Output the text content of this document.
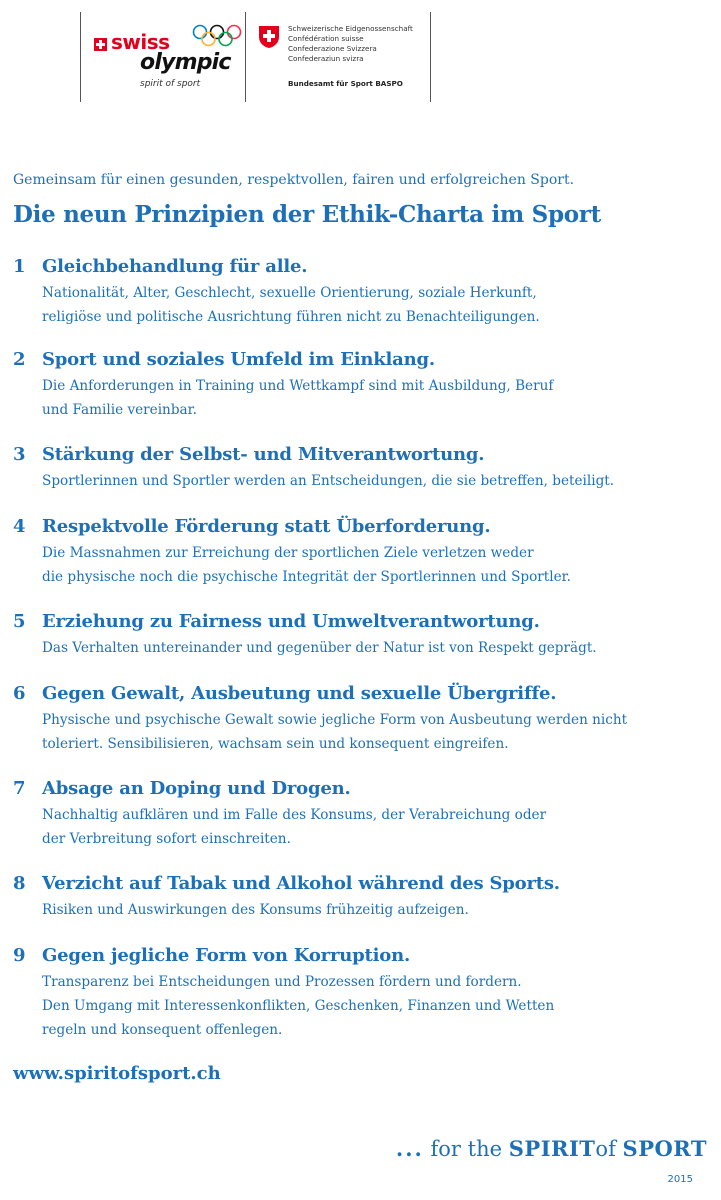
swiss
olympic
spirit of sport
Schweizerische Eidgenossenschaft
Confédération suisse
Confederazione Svizzera
Confederaziun svizra
Bundesamt für Sport BASPO
Gemeinsam für einen gesunden, respektvollen, fairen und erfolgreichen Sport.
Die neun Prinzipien der Ethik-Charta im Sport
1 Gleichbehandlung für alle.
Nationalität, Alter, Geschlecht, sexuelle Orientierung, soziale Herkunft,
religiöse und politische Ausrichtung führen nicht zu Benachteiligungen.
2 Sport und soziales Umfeld im Einklang.
Die Anforderungen in Training und Wettkampf sind mit Ausbildung, Beruf
und Familie vereinbar.
3 Stärkung der Selbst- und Mitverantwortung.
Sportlerinnen und Sportler werden an Entscheidungen, die sie betreffen, beteiligt.
4 Respektvolle Förderung statt Überforderung.
Die Massnahmen zur Erreichung der sportlichen Ziele verletzen weder
die physische noch die psychische Integrität der Sportlerinnen und Sportler.
5 Erziehung zu Fairness und Umweltverantwortung.
Das Verhalten untereinander und gegenüber der Natur ist von Respekt geprägt.
6 Gegen Gewalt, Ausbeutung und sexuelle Übergriffe.
Physische und psychische Gewalt sowie jegliche Form von Ausbeutung werden nicht
toleriert. Sensibilisieren, wachsam sein und konsequent eingreifen.
7 Absage an Doping und Drogen.
Nachhaltig aufklären und im Falle des Konsums, der Verabreichung oder
der Verbreitung sofort einschreiten.
8 Verzicht auf Tabak und Alkohol während des Sports.
Risiken und Auswirkungen des Konsums frühzeitig aufzeigen.
9 Gegen jegliche Form von Korruption.
Transparenz bei Entscheidungen und Prozessen fördern und fordern.
Den Umgang mit Interessenkonflikten, Geschenken, Finanzen und Wetten
regeln und konsequent offenlegen.
www.spiritofsport.ch
... for the SPIRITof SPORT
2015
